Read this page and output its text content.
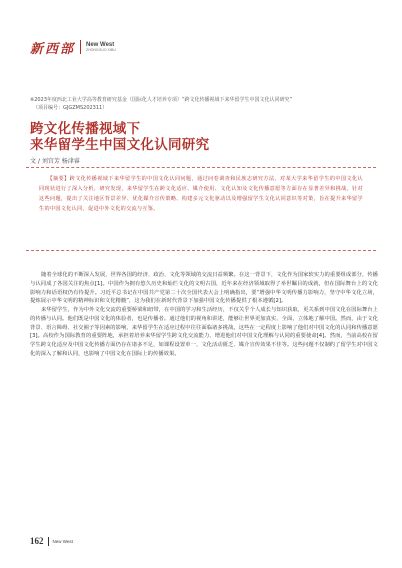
新西部 New West
ZHONGGUO XIBU
※2023年度西北工业大学高等教育研究基金（国际化人才培养专项）“跨文化传播视域下来华留学生中国文化认同研究”
（项目编号：GJGZMS202311）
跨文化传播视域下
来华留学生中国文化认同研究
文 / 刘宫芳 杨津睿
　　【摘要】跨文化传播视域下来华留学生的中国文化认同问题，通过问卷调查和民族志研究方法，对某大学来华留学生的中国文化认同现状进行了深入分析，研究发现，来华留学生在跨文化适应、媒介使用、文化认知及文化传播意愿等方面存在显著差异和挑战。针对这些问题，提出了关注地区背景差异、优化媒介宣传策略、构建多元文化驱动以及增强留学生文化认同意识等对策，旨在提升来华留学生的中国文化认同，促进中外文化的交流与互鉴。

随着全球化的不断深入发展，世界各国的经济、政治、文化等领域的交流日益频繁。在这一背景下，文化作为国家软实力的重要组成部分，传播与认同成了各国关注的焦点[1]。中国作为拥有悠久历史和灿烂文化的文明古国，近年来在经济领域取得了举世瞩目的成就，但在国际舞台上的文化影响力和话语权仍有待提升。习近平总书记在中国共产党第二十次全国代表大会上明确指出，要“增强中华文明传播力影响力，坚守中华文化立场，提炼展示中华文明的精神标识和文化精髓”，这为我们在新时代背景下加强中国文化传播提供了根本遵循[2]。

来华留学生，作为中外文化交流的重要桥梁和纽带，在中国的学习和生活经历，不仅关乎个人成长与知识获取，更关系到中国文化在国际舞台上的传播与认同。他们既是中国文化的体验者，也是传播者。通过他们的视角和讲述，能够让世界更加真实、全面、立体地了解中国。然而，由于文化背景、语言障碍、社交圈子等因素的影响，来华留学生在适应过程中往往面临诸多挑战，这些在一定程度上影响了他们对中国文化的认同和传播意愿[3]。高校作为国际教育的重要阵地，承担着培养来华留学生跨文化交流能力、增进他们对中国文化理解与认同的重要使命[4]。然而，当前高校在留学生跨文化适应及中国文化传播方面仍存在诸多不足，如课程设置单一、文化活动匮乏、媒介宣传效果不佳等。这些问题不仅制约了留学生对中国文化的深入了解和认同，也影响了中国文化在国际上的传播效果。

162 New West
